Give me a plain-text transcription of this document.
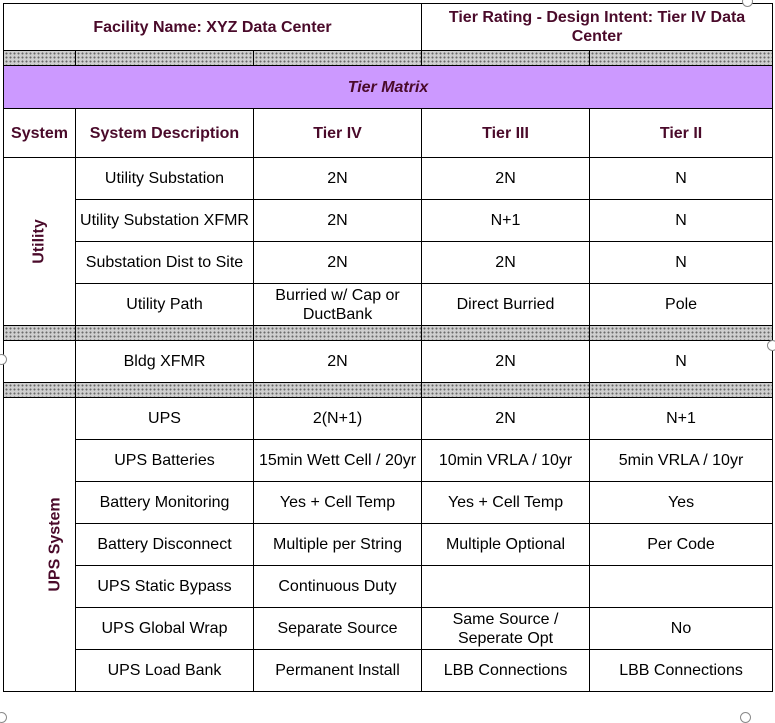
Facility Name: XYZ Data Center			Tier Rating - Design Intent: Tier IV Data Center	

Tier Matrix				
System	System Description	Tier IV	Tier III	Tier II
Utility	Utility Substation	2N	2N	N
	Utility Substation XFMR	2N	N+1	N
	Substation Dist to Site	2N	2N	N
	Utility Path	Burried w/ Cap or DuctBank	Direct Burried	Pole

	Bldg XFMR	2N	2N	N

UPS System	UPS	2(N+1)	2N	N+1
	UPS Batteries	15min Wett Cell / 20yr	10min VRLA / 10yr	5min VRLA / 10yr
	Battery Monitoring	Yes + Cell Temp	Yes + Cell Temp	Yes
	Battery Disconnect	Multiple per String	Multiple Optional	Per Code
	UPS Static Bypass	Continuous Duty		
	UPS Global Wrap	Separate Source	Same Source / Seperate Opt	No
	UPS Load Bank	Permanent Install	LBB Connections	LBB Connections
